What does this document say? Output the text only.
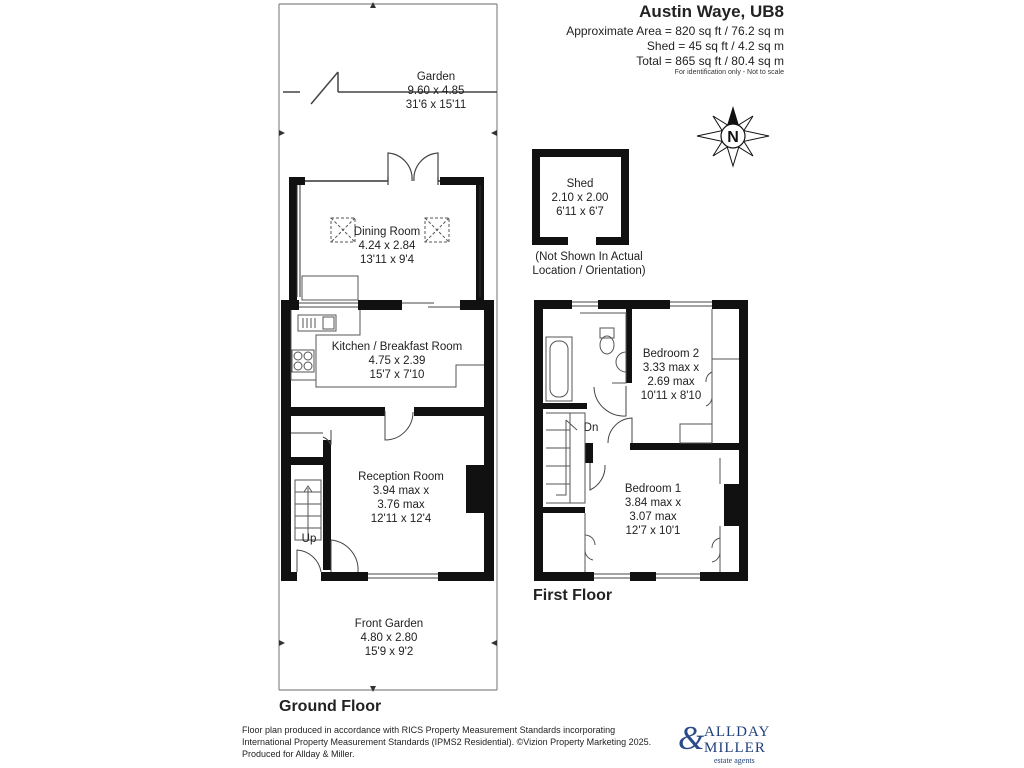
N
Austin Waye, UB8
Approximate Area = 820 sq ft / 76.2 sq m
Shed = 45 sq ft / 4.2 sq m
Total = 865 sq ft / 80.4 sq m
For identification only - Not to scale
Garden
9.60 x 4.85
31'6 x 15'11
Dining Room
4.24 x 2.84
13'11 x 9'4
Kitchen / Breakfast Room
4.75 x 2.39
15'7 x 7'10
Reception Room
3.94 max x
3.76 max
12'11 x 12'4
Front Garden
4.80 x 2.80
15'9 x 9'2
Shed
2.10 x 2.00
6'11 x 6'7
(Not Shown In Actual
Location / Orientation)
Bedroom 2
3.33 max x
2.69 max
10'11 x 8'10
Bedroom 1
3.84 max x
3.07 max
12'7 x 10'1
Up
Dn
Ground Floor
First Floor
Floor plan produced in accordance with RICS Property Measurement Standards incorporating
International Property Measurement Standards (IPMS2 Residential). ©Vizion Property Marketing 2025.
Produced for Allday & Miller.	& ALLDAY
MILLER
estate agents
